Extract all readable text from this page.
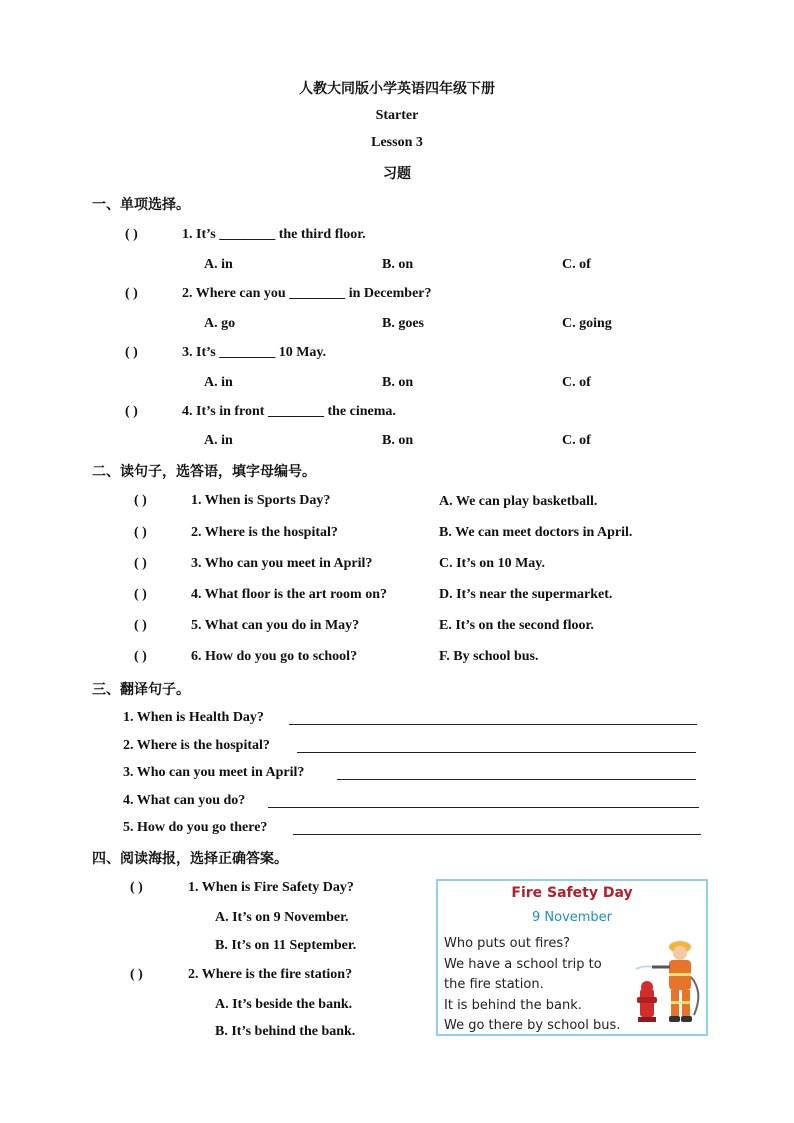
人教大同版小学英语四年级下册
Starter
Lesson 3
习题
一、单项选择。
( )	1. It’s ________ the third floor.
A. in	B. on	C. of
( )	2. Where can you ________ in December?
A. go	B. goes	C. going
( )	3. It’s ________ 10 May.
A. in	B. on	C. of
( )	4. It’s in front ________ the cinema.
A. in	B. on	C. of
二、读句子，选答语，填字母编号。
( )	1. When is Sports Day?	A. We can play basketball.
( )	2. Where is the hospital?	B. We can meet doctors in April.
( )	3. Who can you meet in April?	C. It’s on 10 May.
( )	4. What floor is the art room on?	D. It’s near the supermarket.
( )	5. What can you do in May?	E. It’s on the second floor.
( )	6. How do you go to school?	F. By school bus.
三、翻译句子。
1. When is Health Day?
2. Where is the hospital?
3. Who can you meet in April?
4. What can you do?
5. How do you go there?
四、阅读海报，选择正确答案。
( )	1. When is Fire Safety Day?
A. It’s on 9 November.
B. It’s on 11 September.
( )	2. Where is the fire station?
A. It’s beside the bank.
B. It’s behind the bank.
Fire Safety Day
9 November
Who puts out fires?
We have a school trip to
the fire station.
It is behind the bank.
We go there by school bus.
